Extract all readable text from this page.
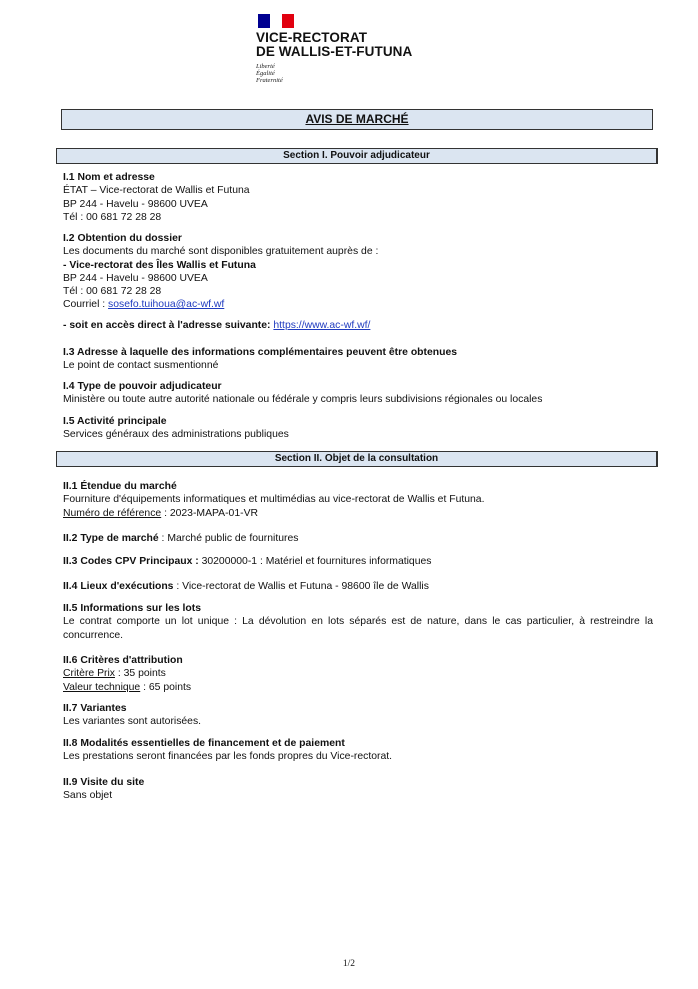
VICE-RECTORAT
DE WALLIS-ET-FUTUNA
Liberté
Égalité
Fraternité
AVIS DE MARCHÉ
Section I. Pouvoir adjudicateur
I.1 Nom et adresse
ÉTAT – Vice-rectorat de Wallis et Futuna
BP 244 - Havelu - 98600 UVEA
Tél : 00 681 72 28 28
I.2 Obtention du dossier
Les documents du marché sont disponibles gratuitement auprès de :
- Vice-rectorat des Îles Wallis et Futuna
BP 244 - Havelu - 98600 UVEA
Tél : 00 681 72 28 28
Courriel : sosefo.tuihoua@ac-wf.wf
- soit en accès direct à l'adresse suivante: https://www.ac-wf.wf/
I.3 Adresse à laquelle des informations complémentaires peuvent être obtenues
Le point de contact susmentionné
I.4 Type de pouvoir adjudicateur
Ministère ou toute autre autorité nationale ou fédérale y compris leurs subdivisions régionales ou locales
I.5 Activité principale
Services généraux des administrations publiques
Section II. Objet de la consultation
II.1 Étendue du marché
Fourniture d'équipements informatiques et multimédias au vice-rectorat de Wallis et Futuna.
Numéro de référence : 2023-MAPA-01-VR
II.2 Type de marché : Marché public de fournitures
II.3 Codes CPV Principaux : 30200000-1 : Matériel et fournitures informatiques
II.4 Lieux d'exécutions : Vice-rectorat de Wallis et Futuna - 98600 île de Wallis
II.5 Informations sur les lots
Le contrat comporte un lot unique : La dévolution en lots séparés est de nature, dans le cas particulier, à restreindre la concurrence.
II.6 Critères d'attribution
Critère Prix : 35 points
Valeur technique : 65 points
II.7 Variantes
Les variantes sont autorisées.
II.8 Modalités essentielles de financement et de paiement
Les prestations seront financées par les fonds propres du Vice-rectorat.
II.9 Visite du site
Sans objet
1/2
